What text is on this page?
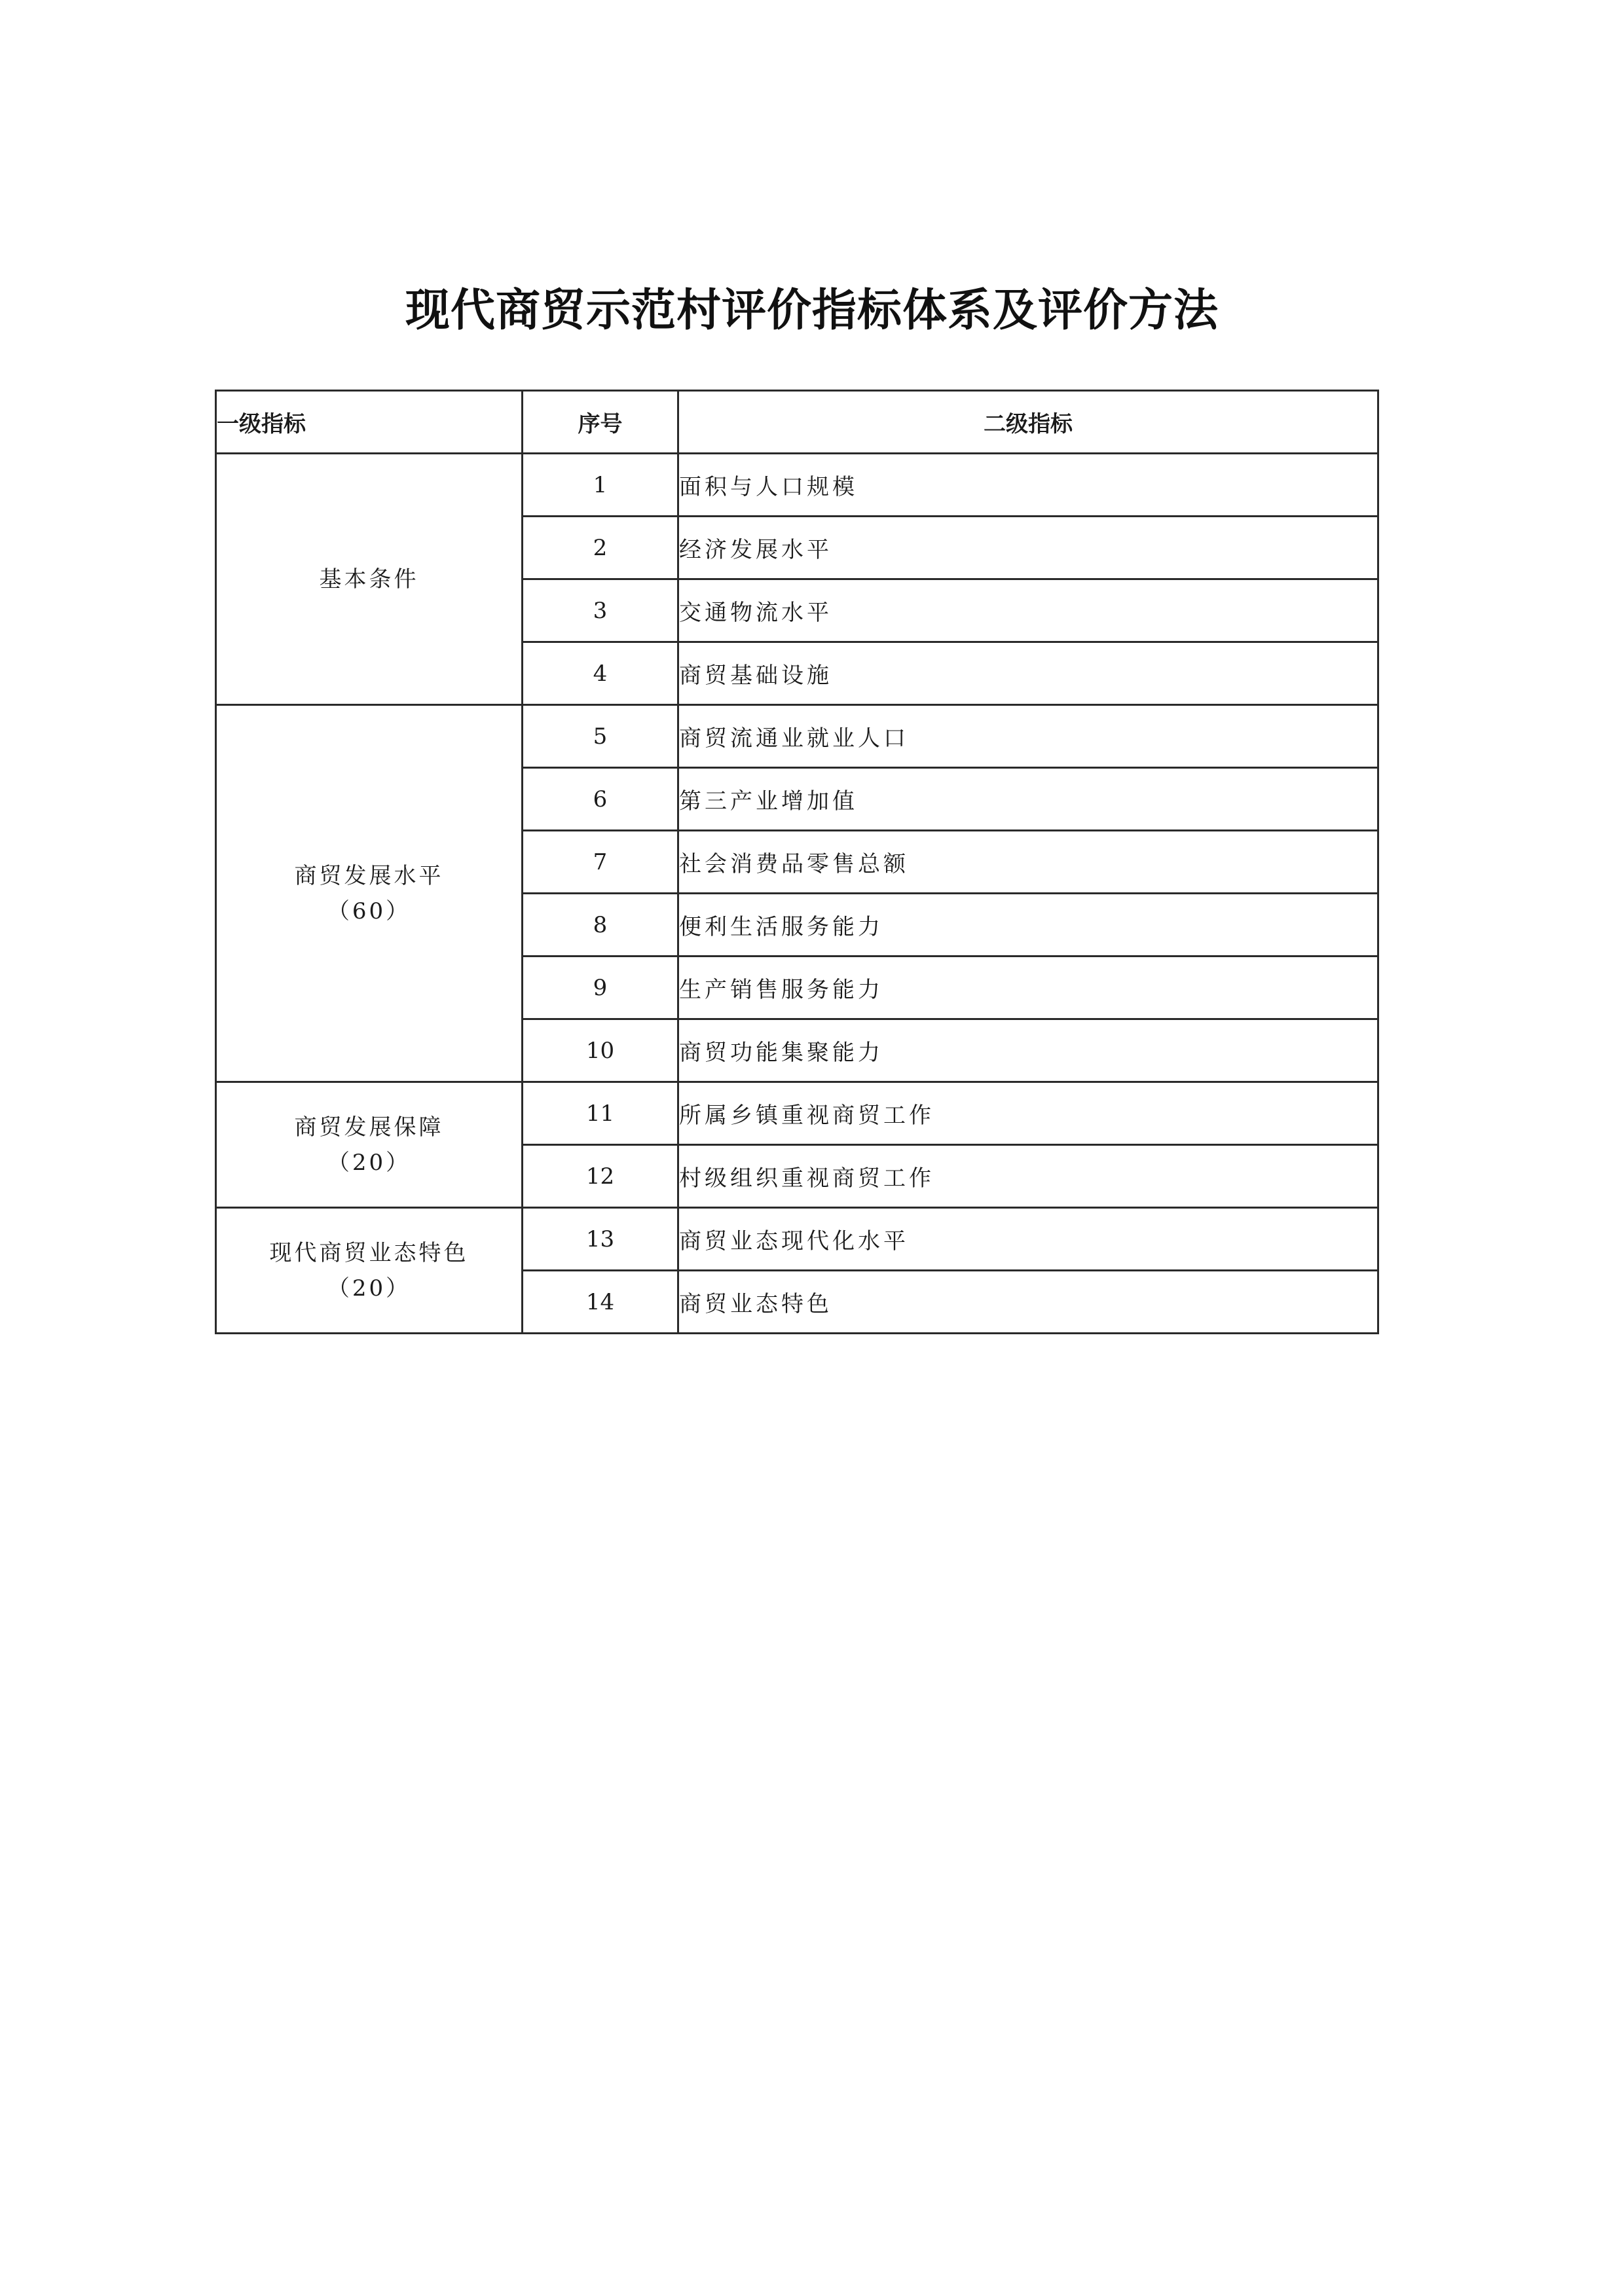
现代商贸示范村评价指标体系及评价方法
一级指标	序号	二级指标

基本条件	1	面积与人口规模
	2	经济发展水平
	3	交通物流水平
	4	商贸基础设施

商贸发展水平
（60）	5	商贸流通业就业人口
	6	第三产业增加值
	7	社会消费品零售总额
	8	便利生活服务能力
	9	生产销售服务能力
	10	商贸功能集聚能力

商贸发展保障
（20）	11	所属乡镇重视商贸工作
	12	村级组织重视商贸工作

现代商贸业态特色
（20）	13	商贸业态现代化水平
	14	商贸业态特色
